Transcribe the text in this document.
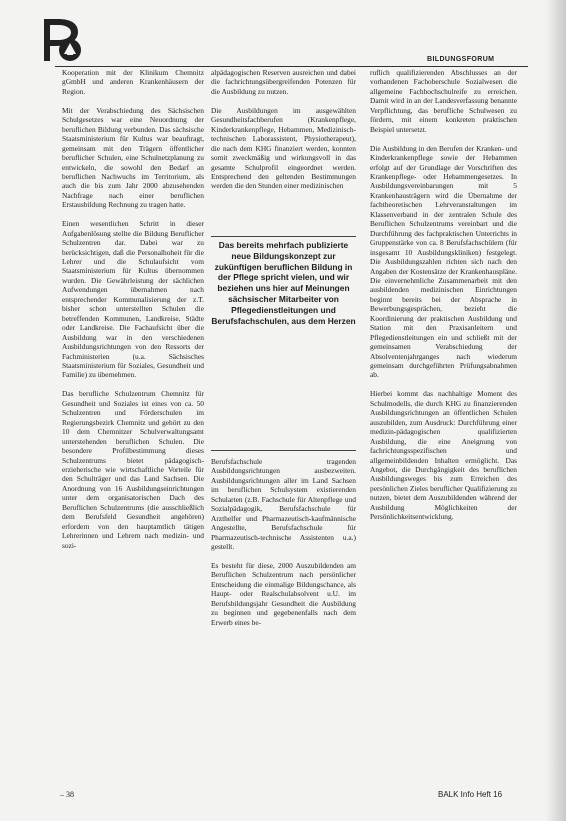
BILDUNGSFORUM

Kooperation mit der Klinikum Chemnitz gGmbH und anderen Krankenhäusern der Region.

Mit der Verabschiedung des Sächsischen Schulgesetzes war eine Neuordnung der beruflichen Bildung verbunden. Das sächsische Staatsministerium für Kultus war beauftragt, gemeinsam mit den Trägern öffentlicher beruflicher Schulen, eine Schulnetzplanung zu entwickeln, die sowohl den Bedarf an beruflichen Nachwuchs im Territorium, als auch die bis zum Jahr 2000 abzusehenden Nachfrage nach einer beruflichen Erstausbildung Rechnung zu tragen hatte.

Einen wesentlichen Schritt in dieser Aufgabenlösung stellte die Bildung Beruflicher Schulzentren dar. Dabei war zu berücksichtigen, daß die Personalhoheit für die Lehrer und die Schulaufsicht vom Staatsministerium für Kultus übernommen wurden. Die Gewährleistung der sächlichen Aufwendungen übernahmen nach entsprechender Kommunalisierung der z.T. bisher schon unterstellten Schulen die betreffenden Kommunen, Landkreise, Städte oder Landkreise. Die Fachaufsicht über die Ausbildung war in den verschiedenen Ausbildungsrichtungen von den Ressorts der Fachministerien (u.a. Sächsisches Staatsministerium für Soziales, Gesundheit und Familie) zu übernehmen.

Das berufliche Schulzentrum Chemnitz für Gesundheit und Soziales ist eines von ca. 50 Schulzentren und Förderschulen im Regierungsbezirk Chemnitz und gehört zu den 10 dem Chemnitzer Schulverwaltungsamt unterstehenden beruflichen Schulen. Die besondere Profilbestimmung dieses Schulzentrums bietet pädagogisch-erzieherische wie wirtschaftliche Vorteile für den Schulträger und das Land Sachsen. Die Anordnung von 16 Ausbildungseinrichtungen unter dem organisatorischen Dach des Beruflichen Schulzentrums (die ausschließlich dem Berufsfeld Gesundheit angehören) erfordern von den hauptamtlich tätigen Lehrerinnen und Lehrern nach medizin- und sozi-

alpädagogischen Reserven ausreichen und dabei die fachrichtungsübergreifenden Potenzen für die Ausbildung zu nutzen.

Die Ausbildungen im ausgewählten Gesundheitsfachberufen (Krankenpflege, Kinderkrankenpflege, Hebammen, Medizinisch-technischen Laborassistent, Physiotherapeut), die nach dem KHG finanziert werden, konnten somit zweckmäßig und wirkungsvoll in das gesamte Schulprofil eingeordnet werden. Entsprechend den geltenden Bestimmungen werden die den Stunden einer medizinischen

Das bereits mehrfach publizierte neue Bildungskonzept zur zukünftigen beruflichen Bildung in der Pflege spricht vielen, und wir beziehen uns hier auf Meinungen sächsischer Mitarbeiter von Pflegedienstleitungen und Berufsfachschulen, aus dem Herzen

Berufsfachschule tragenden Ausbildungsrichtungen ausbezweiten. Ausbildungsrichtungen aller im Land Sachsen im beruflichen Schulsystem existierenden Schularten (z.B. Fachschule für Altenpflege und Sozialpädagogik, Berufsfachschule für Arzthelfer und Pharmazeutisch-kaufmännische Angestellte, Berufsfachschule für Pharmazeutisch-technische Assistenten u.a.) gestellt.

Es besteht für diese, 2000 Auszubildenden am Beruflichen Schulzentrum nach persönlicher Entscheidung die einmalige Bildungschance, als Haupt- oder Realschulabsolvent u.U. im Berufsbildungsjahr Gesundheit die Ausbildung zu beginnen und gegebenenfalls nach dem Erwerb eines be-

ruflich qualifizierenden Abschlusses an der vorhandenen Fachoberschule Sozialwesen die allgemeine Fachhochschulreife zu erreichen. Damit wird in an der Landesverfassung benannte Verpflichtung, das berufliche Schulwesen zu fördern, mit einem konkreten praktischen Beispiel untersetzt.

Die Ausbildung in den Berufen der Kranken- und Kinderkrankenpflege sowie der Hebammen erfolgt auf der Grundlage der Vorschriften des Krankenpflege- oder Hebammengesetzes. In Ausbildungsvereinbarungen mit 5 Krankenhausträgern wird die Übernahme der fachtheoretischen Lehrveranstaltungen im Klassenverband in der zentralen Schule des Beruflichen Schulzentrums vereinbart und die Durchführung des fachpraktischen Unterrichts in Gruppenstärke von ca. 8 Berufsfachschülern (für insgesamt 10 Ausbildungskliniken) festgelegt. Die Ausbildungszahlen richten sich nach den Angaben der Kostensätze der Krankenhauspläne. Die einvernehmliche Zusammenarbeit mit den ausbildenden medizinischen Einrichtungen beginnt bereits bei der Absprache in Bewerbungsgesprächen, bezieht die Koordinierung der praktischen Ausbildung und Station mit den Praxisanleitern und Pflegedienstleitungen ein und schließt mit der gemeinsamen Verabschiedung der Absolventenjahrganges nach wiederum gemeinsam durchgeführten Prüfungsabnahmen ab.

Hierbei kommt das nachhaltige Moment des Schulmodells, die durch KHG zu finanzierenden Ausbildungsrichtungen an öffentlichen Schulen auszubilden, zum Ausdruck: Durchführung einer medizin-pädagogischen qualifizierten Ausbildung, die eine Aneignung von fachrichtungsspezifischen und allgemeinbildenden Inhalten ermöglicht. Das Angebot, die Durchgängigkeit des beruflichen Ausbildungsweges bis zum Erreichen des persönlichen Zieles beruflicher Qualifizierung zu nutzen, bietet dem Auszubildenden während der Ausbildung Möglichkeiten der Persönlichkeitsentwicklung.

– 38	BALK Info Heft 16
